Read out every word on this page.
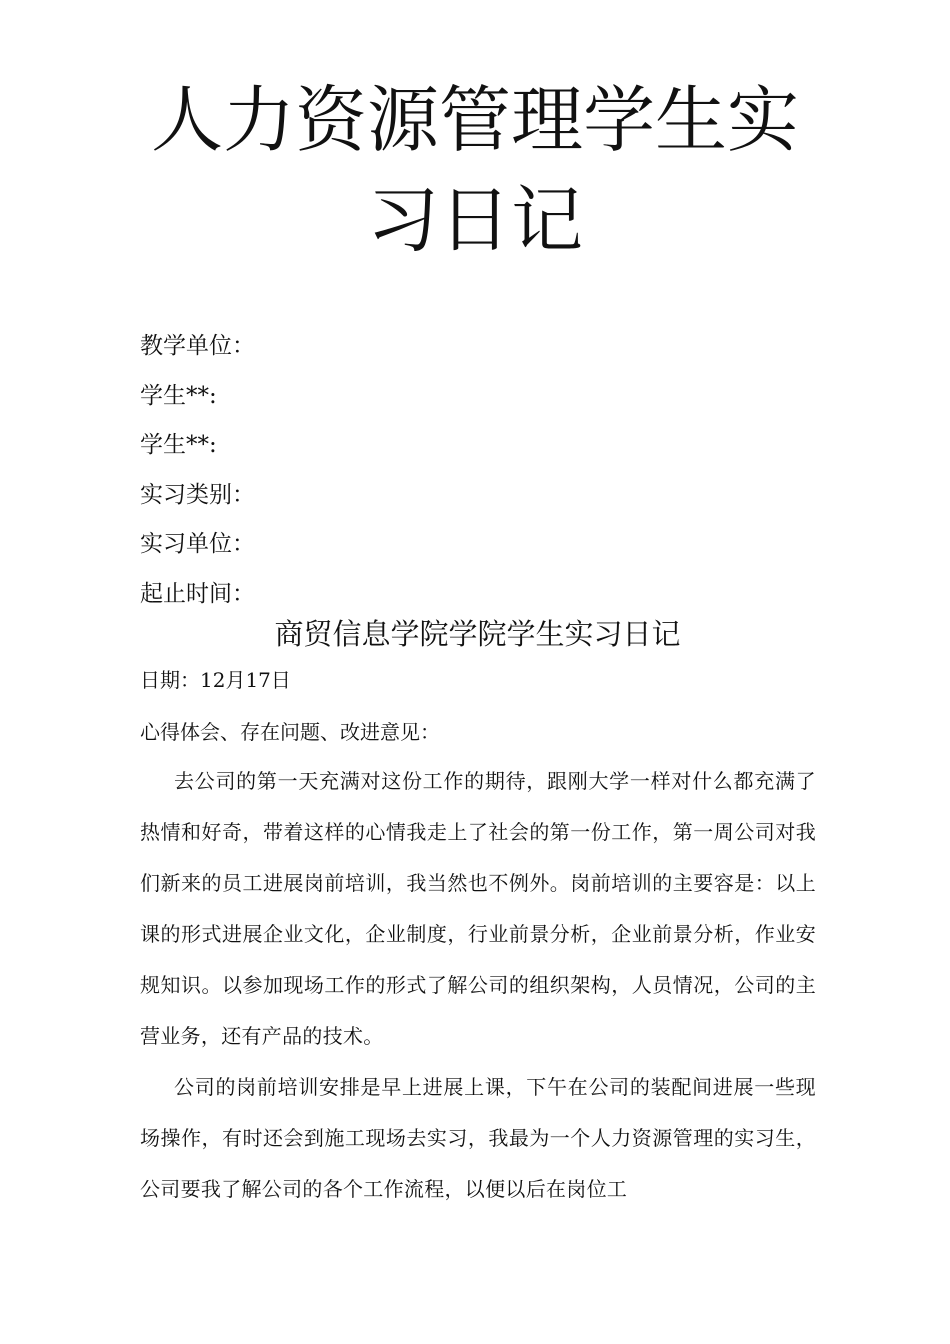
人力资源管理学生实习日记
教学单位：
学生**:
学生**:
实习类别：
实习单位：
起止时间：
商贸信息学院学院学生实习日记
日期：12月17日
心得体会、存在问题、改进意见：

去公司的第一天充满对这份工作的期待，跟刚大学一样对什么都充满了热情和好奇，带着这样的心情我走上了社会的第一份工作，第一周公司对我们新来的员工进展岗前培训，我当然也不例外。岗前培训的主要容是：以上课的形式进展企业文化，企业制度，行业前景分析，企业前景分析，作业安规知识。以参加现场工作的形式了解公司的组织架构，人员情况，公司的主营业务，还有产品的技术。

公司的岗前培训安排是早上进展上课，下午在公司的装配间进展一些现场操作，有时还会到施工现场去实习，我最为一个人力资源管理的实习生，公司要我了解公司的各个工作流程，以便以后在岗位工
